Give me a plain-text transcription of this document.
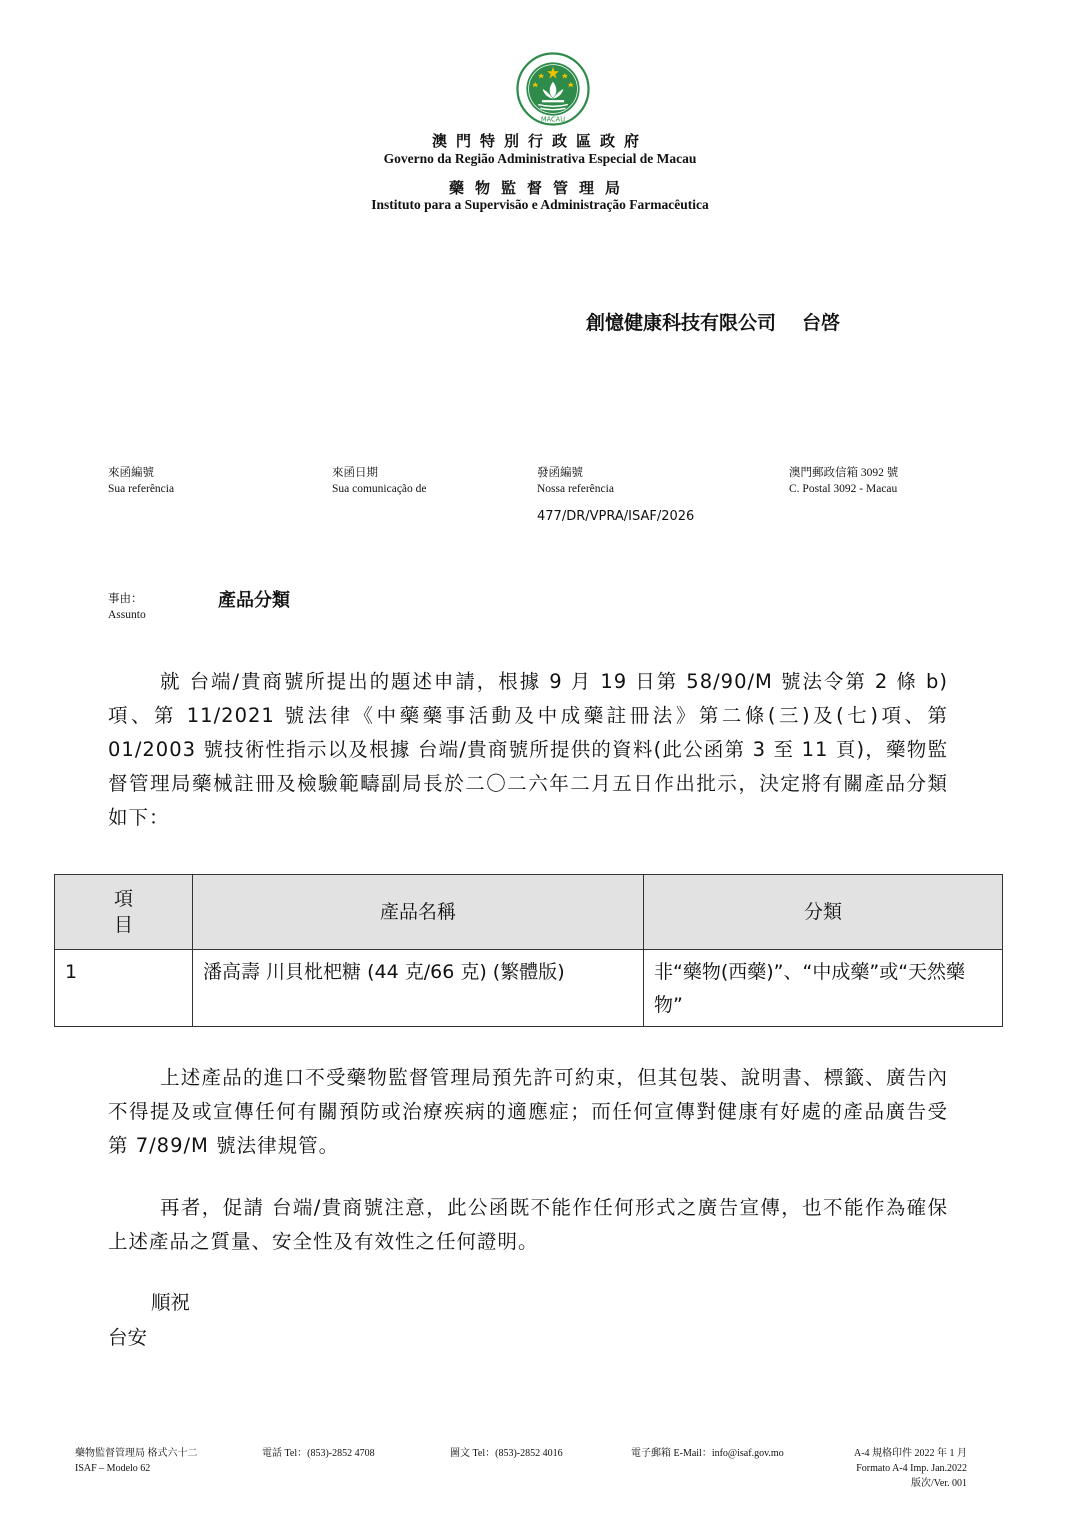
MACAU
澳門特別行政區政府
Governo da Região Administrativa Especial de Macau
藥物監督管理局
Instituto para a Supervisão e Administração Farmacêutica
創憶健康科技有限公司 台啓
來函編號
Sua referência
來函日期
Sua comunicação de
發函編號
Nossa referência
澳門郵政信箱 3092 號
C. Postal 3092 - Macau
477/DR/VPRA/ISAF/2026
事由：
Assunto
產品分類

就 台端/貴商號所提出的題述申請，根據 9 月 19 日第 58/90/M 號法令第 2 條 b)項、第 11/2021 號法律《中藥藥事活動及中成藥註冊法》第二條(三)及(七)項、第 01/2003 號技術性指示以及根據 台端/貴商號所提供的資料(此公函第 3 至 11 頁)，藥物監督管理局藥械註冊及檢驗範疇副局長於二〇二六年二月五日作出批示，決定將有關產品分類如下：

項
目	產品名稱	分類
1	潘高壽 川貝枇杷糖 (44 克/66 克) (繁體版)	非“藥物(西藥)”、“中成藥”或“天然藥物”

上述產品的進口不受藥物監督管理局預先許可約束，但其包裝、說明書、標籤、廣告內不得提及或宣傳任何有關預防或治療疾病的適應症；而任何宣傳對健康有好處的產品廣告受第 7/89/M 號法律規管。

再者，促請 台端/貴商號注意，此公函既不能作任何形式之廣告宣傳，也不能作為確保上述產品之質量、安全性及有效性之任何證明。

順祝
台安
藥物監督管理局 格式六十二
ISAF – Modelo 62
電話 Tel：(853)-2852 4708	圖文 Tel：(853)-2852 4016	電子郵箱 E-Mail：info@isaf.gov.mo	A-4 規格印件 2022 年 1 月
Formato A-4 Imp. Jan.2022
版次/Ver. 001
